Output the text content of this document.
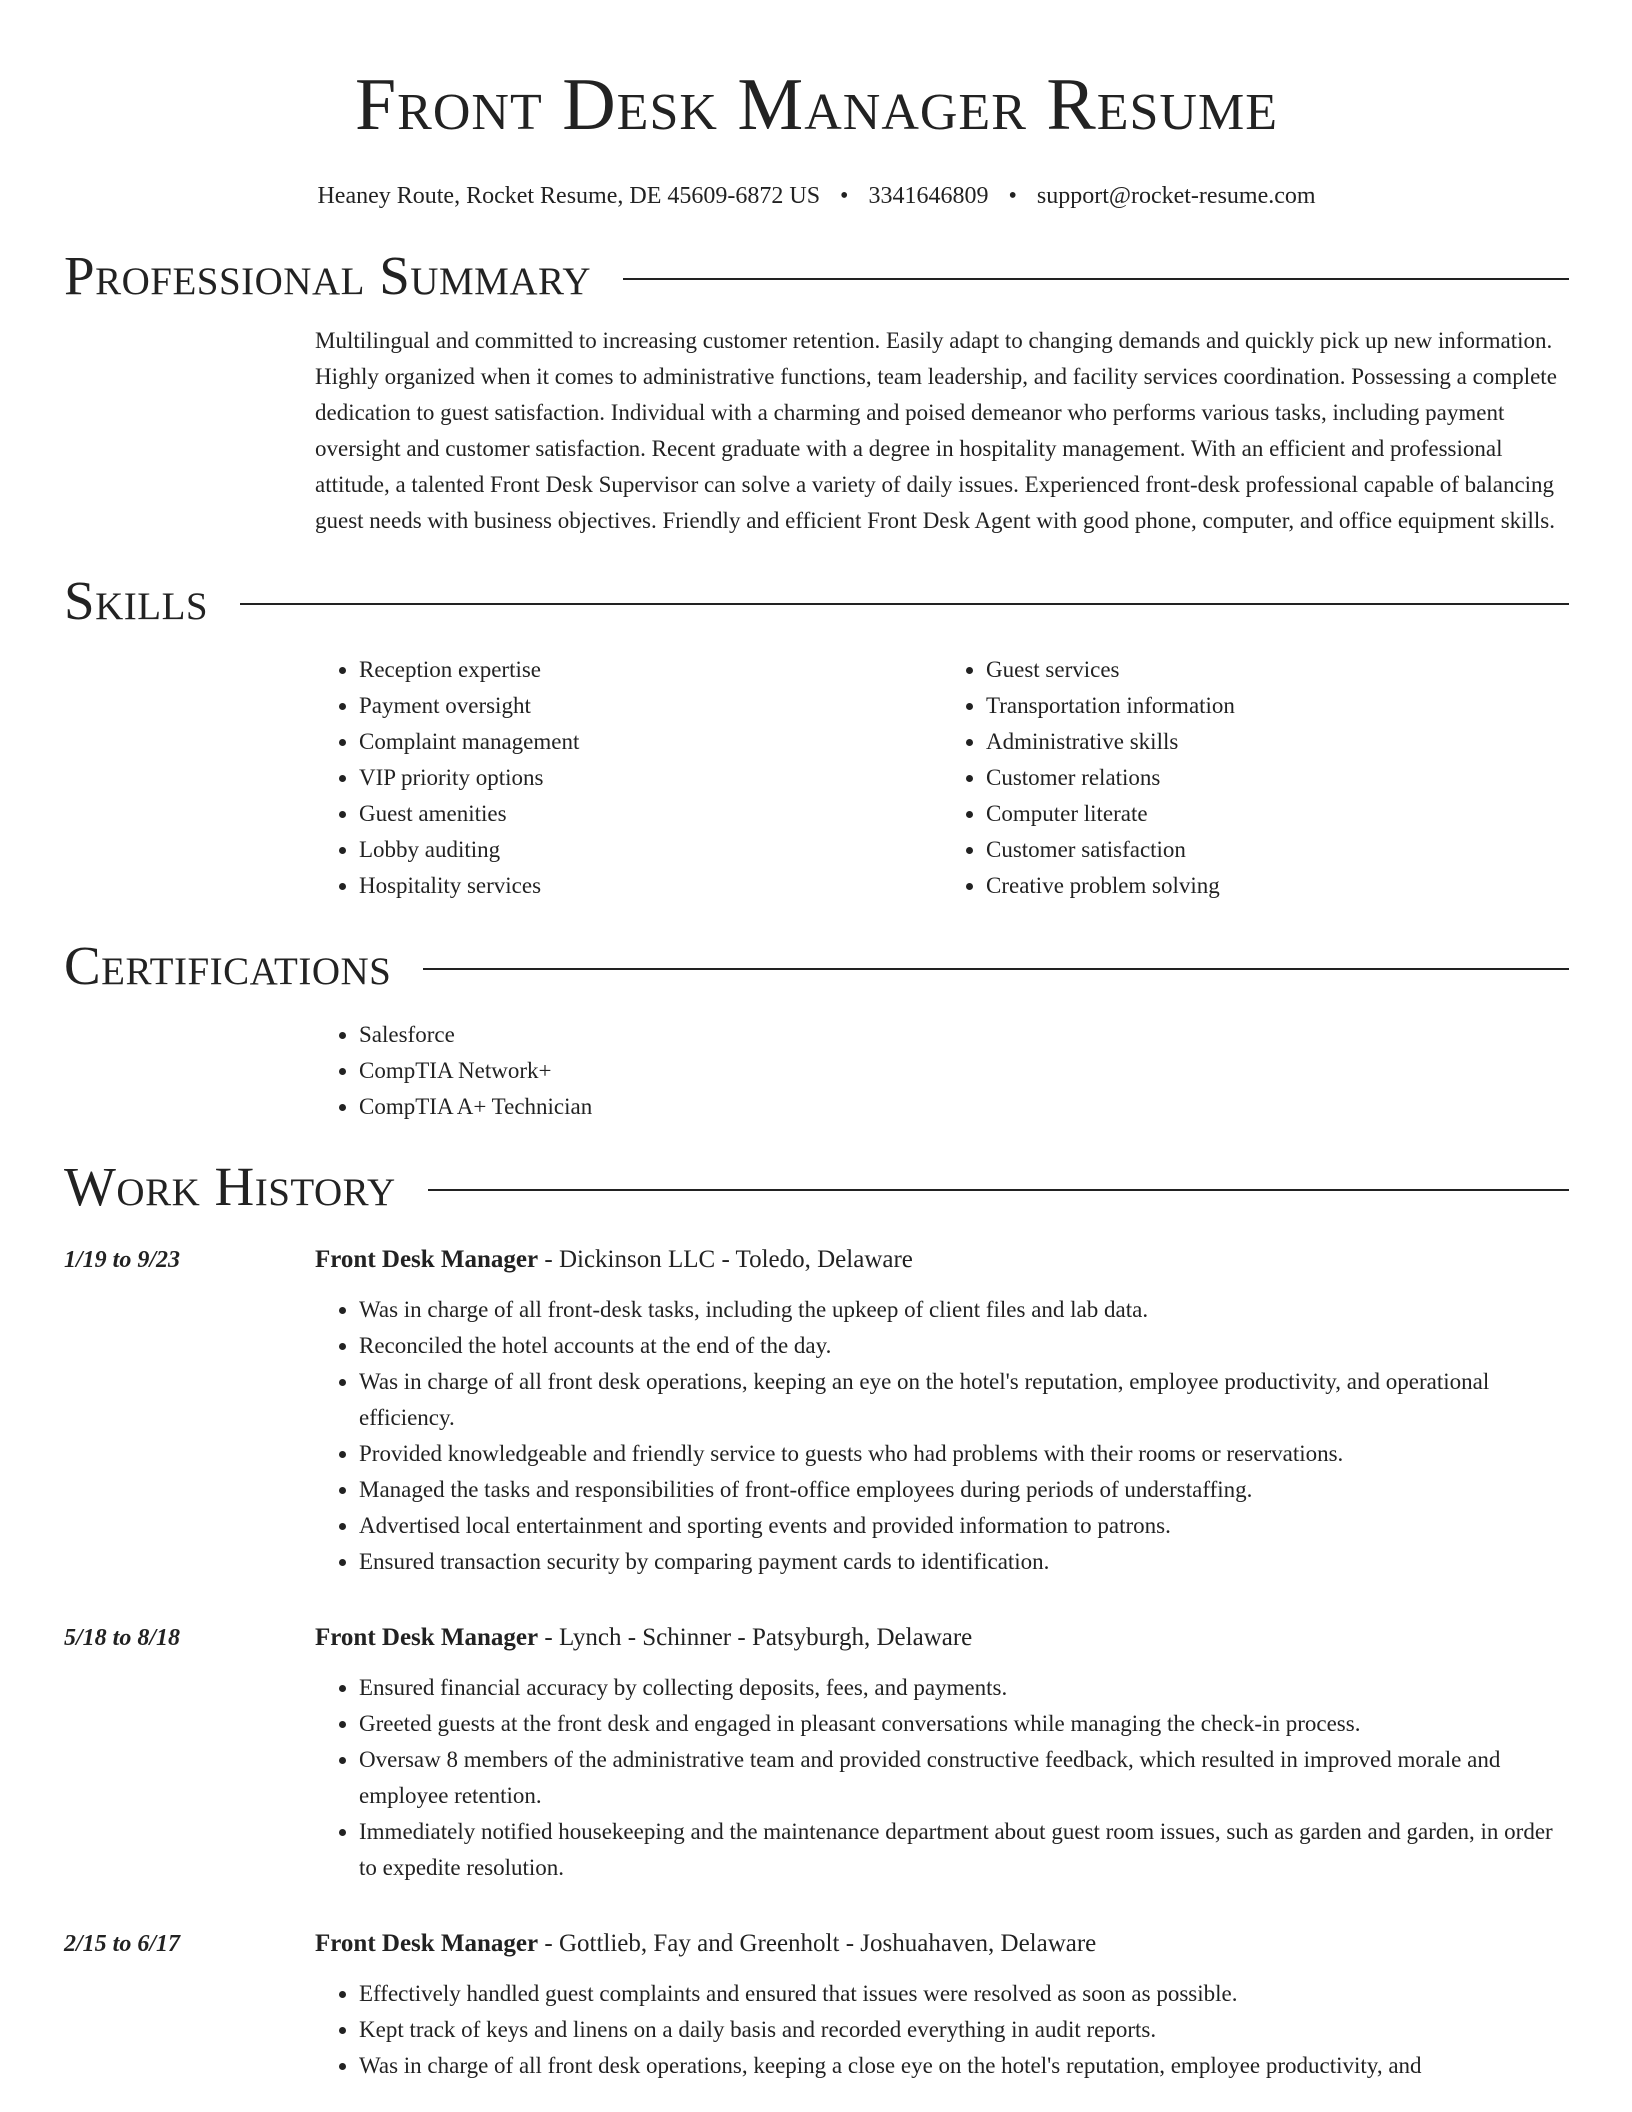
Front Desk Manager Resume
Heaney Route, Rocket Resume, DE 45609-6872 US • 3341646809 • support@rocket-resume.com
Professional Summary

Multilingual and committed to increasing customer retention. Easily adapt to changing demands and quickly pick up new information. Highly organized when it comes to administrative functions, team leadership, and facility services coordination. Possessing a complete dedication to guest satisfaction. Individual with a charming and poised demeanor who performs various tasks, including payment oversight and customer satisfaction. Recent graduate with a degree in hospitality management. With an efficient and professional attitude, a talented Front Desk Supervisor can solve a variety of daily issues. Experienced front-desk professional capable of balancing guest needs with business objectives. Friendly and efficient Front Desk Agent with good phone, computer, and office equipment skills.

Skills
• Reception expertise
• Payment oversight
• Complaint management
• VIP priority options
• Guest amenities
• Lobby auditing
• Hospitality services
• Guest services
• Transportation information
• Administrative skills
• Customer relations
• Computer literate
• Customer satisfaction
• Creative problem solving
Certifications
• Salesforce
• CompTIA Network+
• CompTIA A+ Technician
Work History
1/19 to 9/23	Front Desk Manager - Dickinson LLC - Toledo, Delaware
• Was in charge of all front-desk tasks, including the upkeep of client files and lab data.
• Reconciled the hotel accounts at the end of the day.
• Was in charge of all front desk operations, keeping an eye on the hotel's reputation, employee productivity, and operational efficiency.
• Provided knowledgeable and friendly service to guests who had problems with their rooms or reservations.
• Managed the tasks and responsibilities of front-office employees during periods of understaffing.
• Advertised local entertainment and sporting events and provided information to patrons.
• Ensured transaction security by comparing payment cards to identification.
5/18 to 8/18	Front Desk Manager - Lynch - Schinner - Patsyburgh, Delaware
• Ensured financial accuracy by collecting deposits, fees, and payments.
• Greeted guests at the front desk and engaged in pleasant conversations while managing the check-in process.
• Oversaw 8 members of the administrative team and provided constructive feedback, which resulted in improved morale and employee retention.
• Immediately notified housekeeping and the maintenance department about guest room issues, such as garden and garden, in order to expedite resolution.
2/15 to 6/17	Front Desk Manager - Gottlieb, Fay and Greenholt - Joshuahaven, Delaware
• Effectively handled guest complaints and ensured that issues were resolved as soon as possible.
• Kept track of keys and linens on a daily basis and recorded everything in audit reports.
• Was in charge of all front desk operations, keeping a close eye on the hotel's reputation, employee productivity, and
